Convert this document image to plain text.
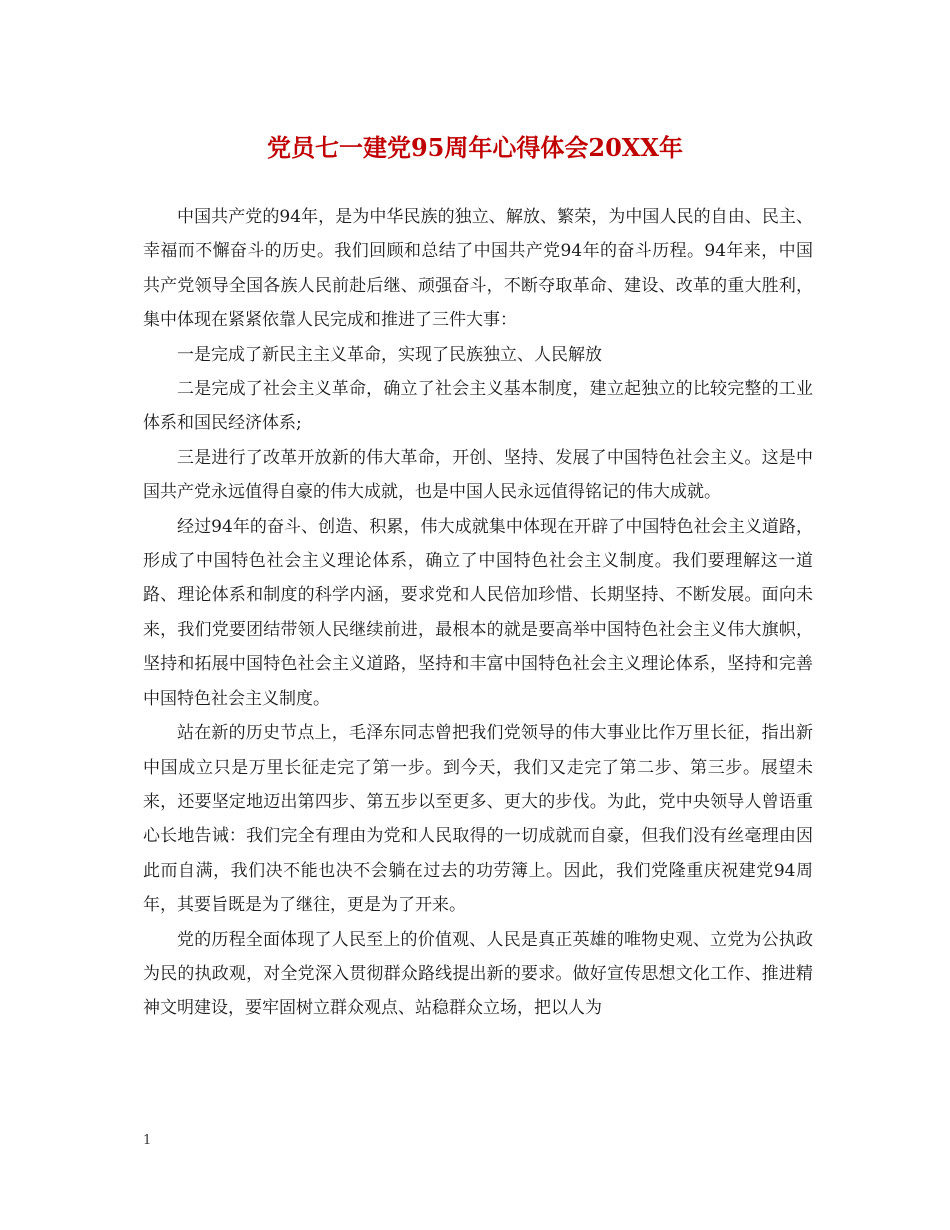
党员七一建党95周年心得体会20XX年

中国共产党的94年，是为中华民族的独立、解放、繁荣，为中国人民的自由、民主、幸福而不懈奋斗的历史。我们回顾和总结了中国共产党94年的奋斗历程。94年来，中国共产党领导全国各族人民前赴后继、顽强奋斗，不断夺取革命、建设、改革的重大胜利，集中体现在紧紧依靠人民完成和推进了三件大事：

一是完成了新民主主义革命，实现了民族独立、人民解放

二是完成了社会主义革命，确立了社会主义基本制度，建立起独立的比较完整的工业体系和国民经济体系;

三是进行了改革开放新的伟大革命，开创、坚持、发展了中国特色社会主义。这是中国共产党永远值得自豪的伟大成就，也是中国人民永远值得铭记的伟大成就。

经过94年的奋斗、创造、积累，伟大成就集中体现在开辟了中国特色社会主义道路，形成了中国特色社会主义理论体系，确立了中国特色社会主义制度。我们要理解这一道路、理论体系和制度的科学内涵，要求党和人民倍加珍惜、长期坚持、不断发展。面向未来，我们党要团结带领人民继续前进，最根本的就是要高举中国特色社会主义伟大旗帜，坚持和拓展中国特色社会主义道路，坚持和丰富中国特色社会主义理论体系，坚持和完善中国特色社会主义制度。

站在新的历史节点上，毛泽东同志曾把我们党领导的伟大事业比作万里长征，指出新中国成立只是万里长征走完了第一步。到今天，我们又走完了第二步、第三步。展望未来，还要坚定地迈出第四步、第五步以至更多、更大的步伐。为此，党中央领导人曾语重心长地告诫：我们完全有理由为党和人民取得的一切成就而自豪，但我们没有丝毫理由因此而自满，我们决不能也决不会躺在过去的功劳簿上。因此，我们党隆重庆祝建党94周年，其要旨既是为了继往，更是为了开来。

党的历程全面体现了人民至上的价值观、人民是真正英雄的唯物史观、立党为公执政为民的执政观，对全党深入贯彻群众路线提出新的要求。做好宣传思想文化工作、推进精神文明建设，要牢固树立群众观点、站稳群众立场，把以人为

1
